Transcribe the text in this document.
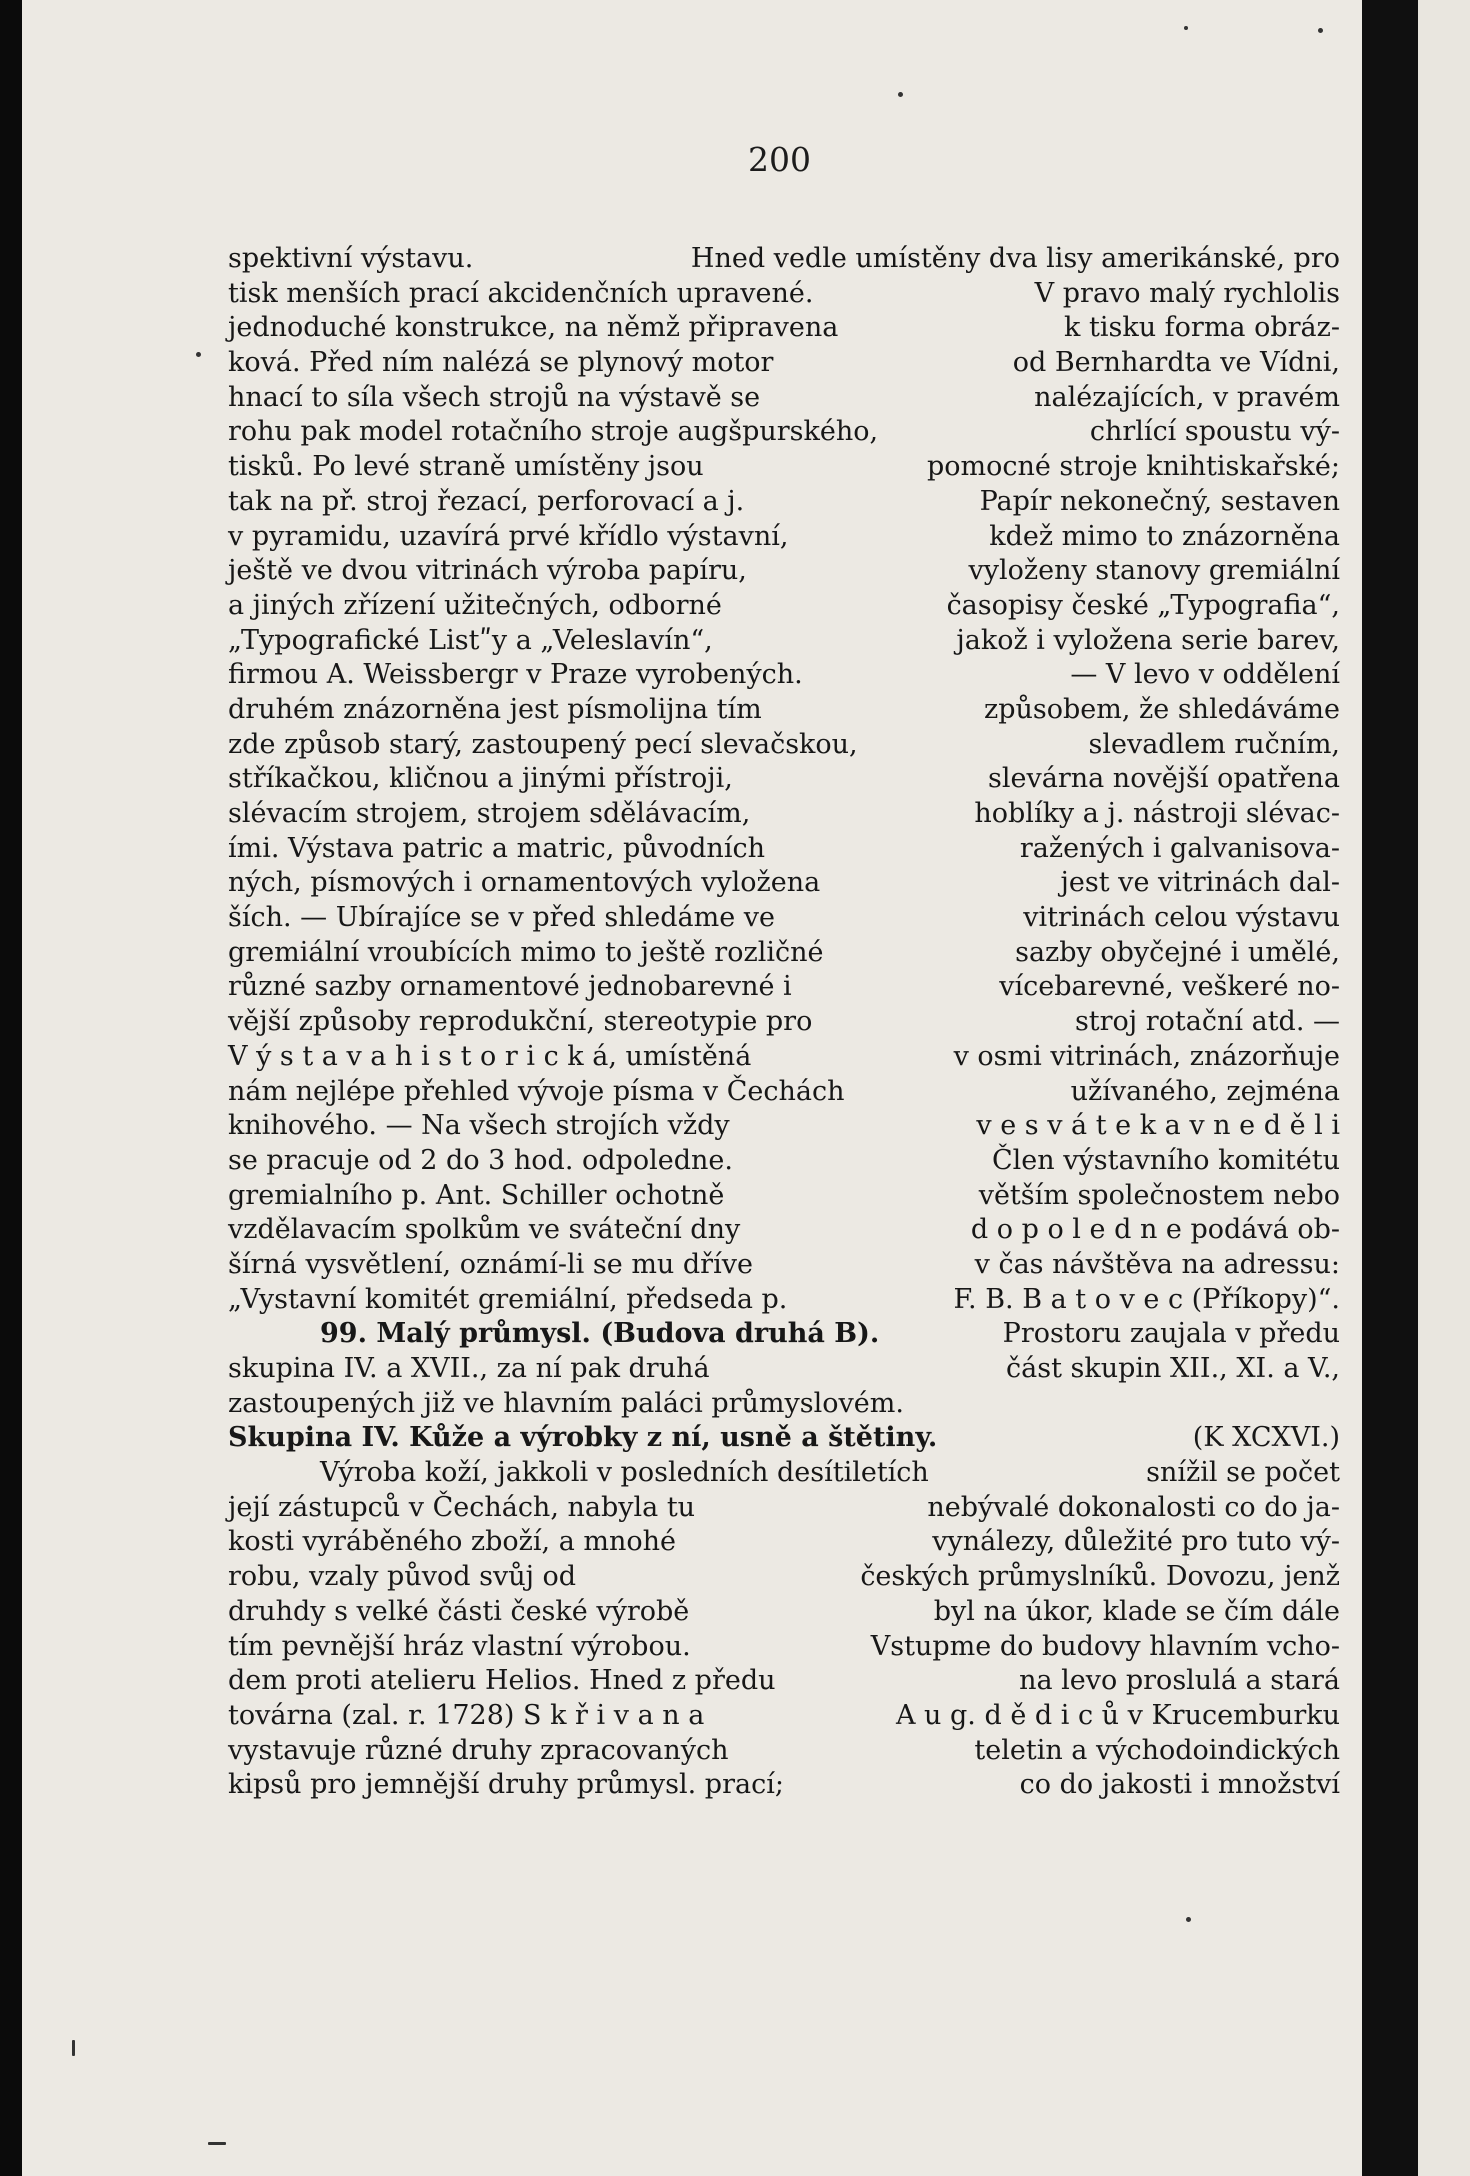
200
spektivní výstavu.	Hned vedle umístěny dva lisy amerikánské, pro
tisk menších prací akcidenčních upravené.	V pravo malý rychlolis
jednoduché konstrukce, na němž připravena	k tisku forma obráz-
ková. Před ním nalézá se plynový motor	od Bernhardta ve Vídni,
hnací to síla všech strojů na výstavě se	nalézajících, v pravém
rohu pak model rotačního stroje augšpurského,	chrlící spoustu vý-
tisků. Po levé straně umístěny jsou	pomocné stroje knihtiskařské;
tak na př. stroj řezací, perforovací a j.	Papír nekonečný, sestaven
v pyramidu, uzavírá prvé křídlo výstavní,	kdež mimo to znázorněna
ještě ve dvou vitrinách výroba papíru,	vyloženy stanovy gremiální
a jiných zřízení užitečných, odborné	časopisy české „Typografia“,
„Typografické Listʺy a „Veleslavín“,	jakož i vyložena serie barev,
firmou A. Weissbergr v Praze vyrobených.	— V levo v oddělení
druhém znázorněna jest písmolijna tím	způsobem, že shledáváme
zde způsob starý, zastoupený pecí slevačskou,	slevadlem ručním,
stříkačkou, kličnou a jinými přístroji,	slevárna novější opatřena
slévacím strojem, strojem sdělávacím,	hoblíky a j. nástroji slévac-
ími. Výstava patric a matric, původních	ražených i galvanisova-
ných, písmových i ornamentových vyložena	jest ve vitrinách dal-
ších. — Ubírajíce se v před shledáme ve	vitrinách celou výstavu
gremiální vroubících mimo to ještě rozličné	sazby obyčejné i umělé,
různé sazby ornamentové jednobarevné i	vícebarevné, veškeré no-
vější způsoby reprodukční, stereotypie pro	stroj rotační atd. —
V ý s t a v a h i s t o r i c k á, umístěná	v osmi vitrinách, znázorňuje
nám nejlépe přehled vývoje písma v Čechách	užívaného, zejména
knihového. — Na všech strojích vždy	v e s v á t e k a v n e d ě l i
se pracuje od 2 do 3 hod. odpoledne.	Člen výstavního komitétu
gremialního p. Ant. Schiller ochotně	větším společnostem nebo
vzdělavacím spolkům ve sváteční dny	d o p o l e d n e podává ob-
šírná vysvětlení, oznámí-li se mu dříve	v čas návštěva na adressu:
„Vystavní komitét gremiální, předseda p.	F. B. B a t o v e c (Příkopy)“.
99. Malý průmysl. (Budova druhá B).	Prostoru zaujala v předu
skupina IV. a XVII., za ní pak druhá	část skupin XII., XI. a V.,
zastoupených již ve hlavním paláci průmyslovém.
Skupina IV. Kůže a výrobky z ní, usně a štětiny.	(K XCXVI.)
Výroba koží, jakkoli v posledních desítiletích	snížil se počet
její zástupců v Čechách, nabyla tu	nebývalé dokonalosti co do ja-
kosti vyráběného zboží, a mnohé	vynálezy, důležité pro tuto vý-
robu, vzaly původ svůj od	českých průmyslníků. Dovozu, jenž
druhdy s velké části české výrobě	byl na úkor, klade se čím dále
tím pevnější hráz vlastní výrobou.	Vstupme do budovy hlavním vcho-
dem proti atelieru Helios. Hned z předu	na levo proslulá a stará
továrna (zal. r. 1728) S k ř i v a n a	A u g. d ě d i c ů v Krucemburku
vystavuje různé druhy zpracovaných	teletin a východoindických
kipsů pro jemnější druhy průmysl. prací;	co do jakosti i množství
